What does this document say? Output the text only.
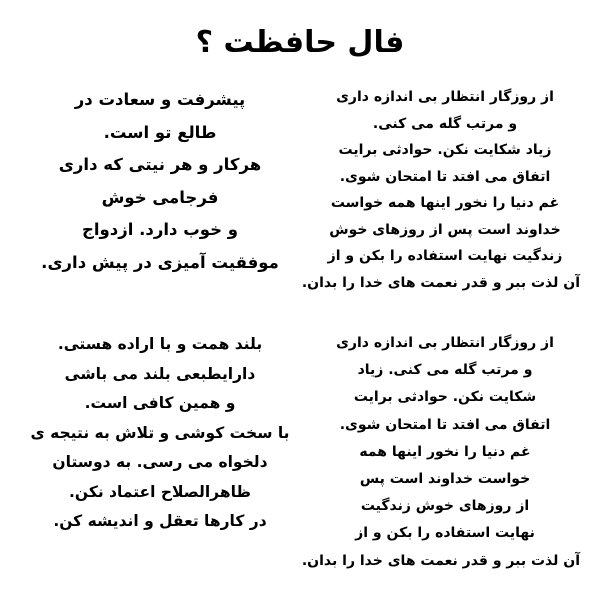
فال حافظت ؟
از روزگار انتظار بی اندازه داری
و مرتب گله می کنی.
زیاد شکایت نکن. حوادثی برایت
اتفاق می افتد تا امتحان شوی.
غم دنیا را نخور اینها همه خواست
خداوند است پس از روزهای خوش
زندگیت نهایت استفاده را بکن و از
آن لذت ببر و قدر نعمت های خدا را بدان.
پیشرفت و سعادت در
طالع تو است.
هرکار و هر نیتی که داری
فرجامی خوش
و خوب دارد. ازدواج
موفقیت آمیزی در پیش داری.
از روزگار انتظار بی اندازه داری
و مرتب گله می کنی. زیاد
شکایت نکن. حوادثی برایت
اتفاق می افتد تا امتحان شوی.
غم دنیا را نخور اینها همه
خواست خداوند است پس
از روزهای خوش زندگیت
نهایت استفاده را بکن و از
آن لذت ببر و قدر نعمت های خدا را بدان.
بلند همت و با اراده هستی.
دارایطبعی بلند می باشی
و همین کافی است.
با سخت کوشی و تلاش به نتیجه ی
دلخواه می رسی. به دوستان
ظاهرالصلاح اعتماد نکن.
در کارها تعقل و اندیشه کن.
